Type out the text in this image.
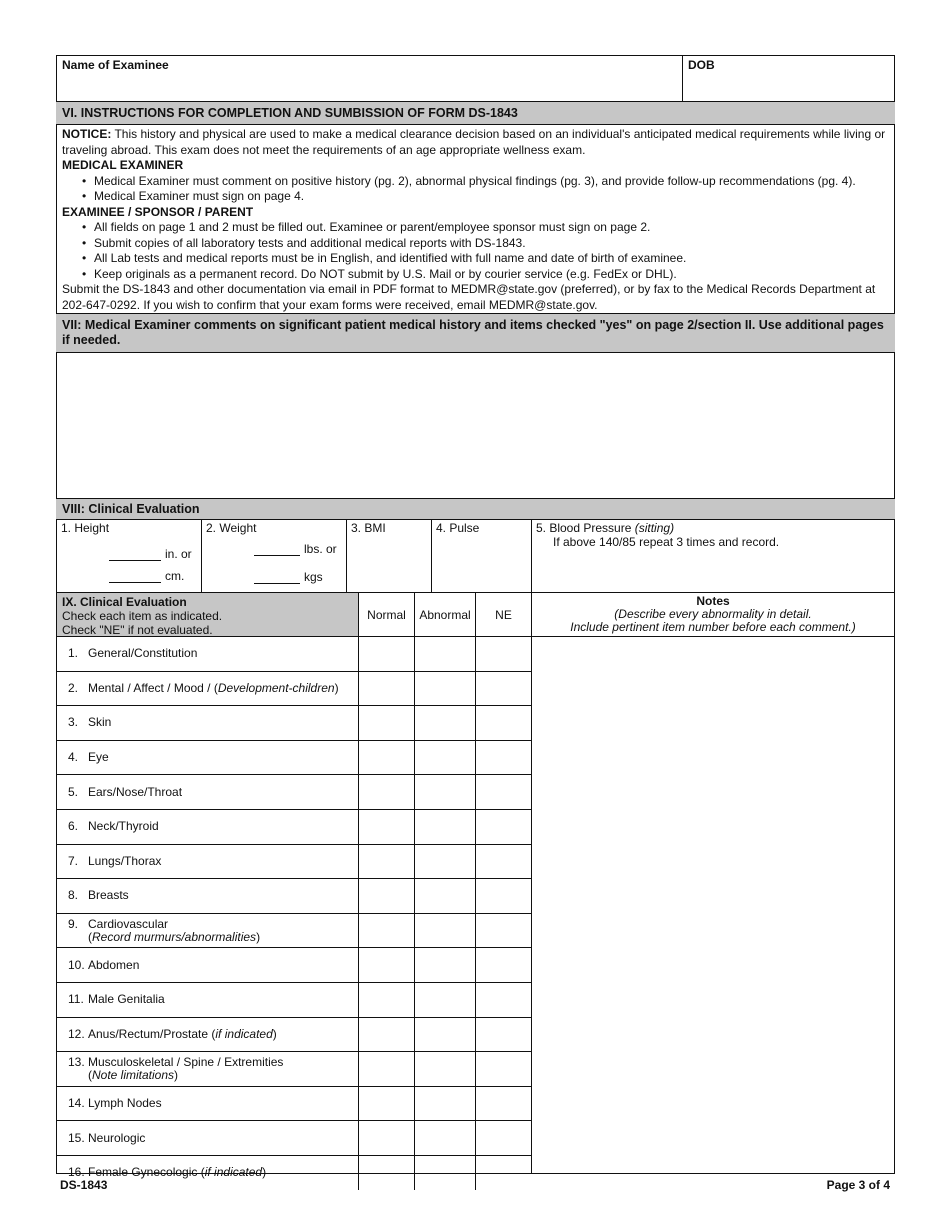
Name of Examinee	DOB
VI. INSTRUCTIONS FOR COMPLETION AND SUMBISSION OF FORM DS-1843
NOTICE: This history and physical are used to make a medical clearance decision based on an individual's anticipated medical requirements while living or traveling abroad. This exam does not meet the requirements of an age appropriate wellness exam.
MEDICAL EXAMINER
• Medical Examiner must comment on positive history (pg. 2), abnormal physical findings (pg. 3), and provide follow-up recommendations (pg. 4).
• Medical Examiner must sign on page 4.
EXAMINEE / SPONSOR / PARENT
• All fields on page 1 and 2 must be filled out. Examinee or parent/employee sponsor must sign on page 2.
• Submit copies of all laboratory tests and additional medical reports with DS-1843.
• All Lab tests and medical reports must be in English, and identified with full name and date of birth of examinee.
• Keep originals as a permanent record. Do NOT submit by U.S. Mail or by courier service (e.g. FedEx or DHL).
Submit the DS-1843 and other documentation via email in PDF format to MEDMR@state.gov (preferred), or by fax to the Medical Records Department at 202-647-0292. If you wish to confirm that your exam forms were received, email MEDMR@state.gov.
VII: Medical Examiner comments on significant patient medical history and items checked "yes" on page 2/section II. Use additional pages if needed.
VIII: Clinical Evaluation
1. Height
in. or
cm.
2. Weight
lbs. or
kgs
3. BMI	4. Pulse	5. Blood Pressure (sitting)
If above 140/85 repeat 3 times and record.
IX. Clinical Evaluation
Check each item as indicated.
Check "NE" if not evaluated.
Normal Abnormal NE
Notes
(Describe every abnormality in detail.
Include pertinent item number before each comment.)
1. General/Constitution
2. Mental / Affect / Mood / (Development-children)
3. Skin
4. Eye
5. Ears/Nose/Throat
6. Neck/Thyroid
7. Lungs/Thorax
8. Breasts
9. Cardiovascular
(Record murmurs/abnormalities)
10. Abdomen
11. Male Genitalia
12. Anus/Rectum/Prostate (if indicated)
13. Musculoskeletal / Spine / Extremities
(Note limitations)
14. Lymph Nodes
15. Neurologic
16. Female Gynecologic (if indicated)
DS-1843	Page 3 of 4
